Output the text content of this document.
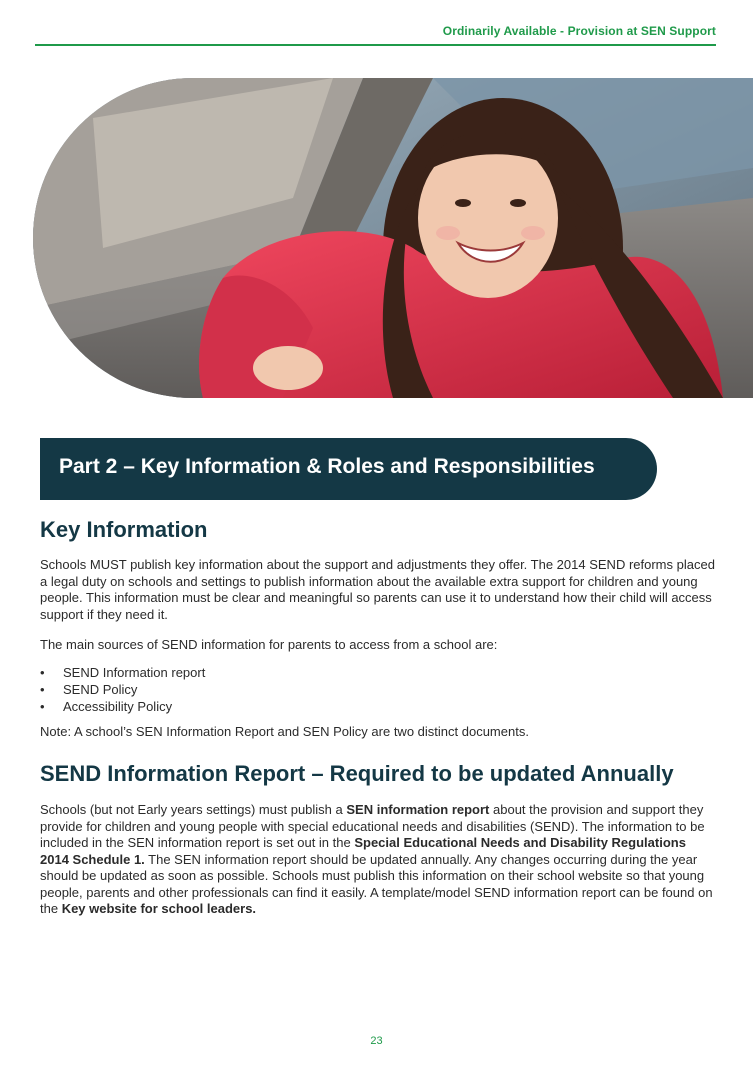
Ordinarily Available - Provision at SEN Support
Part 2 – Key Information & Roles and Responsibilities
Key Information

Schools MUST publish key information about the support and adjustments they offer. The 2014 SEND reforms placed a legal duty on schools and settings to publish information about the available extra support for children and young people. This information must be clear and meaningful so parents can use it to understand how their child will access support if they need it.

The main sources of SEND information for parents to access from a school are:

• SEND Information report
• SEND Policy
• Accessibility Policy

Note: A school’s SEN Information Report and SEN Policy are two distinct documents.

SEND Information Report – Required to be updated Annually

Schools (but not Early years settings) must publish a SEN information report about the provision and support they provide for children and young people with special educational needs and disabilities (SEND). The information to be included in the SEN information report is set out in the Special Educational Needs and Disability Regulations 2014 Schedule 1. The SEN information report should be updated annually. Any changes occurring during the year should be updated as soon as possible. Schools must publish this information on their school website so that young people, parents and other professionals can find it easily. A template/model SEND information report can be found on the Key website for school leaders.

23
